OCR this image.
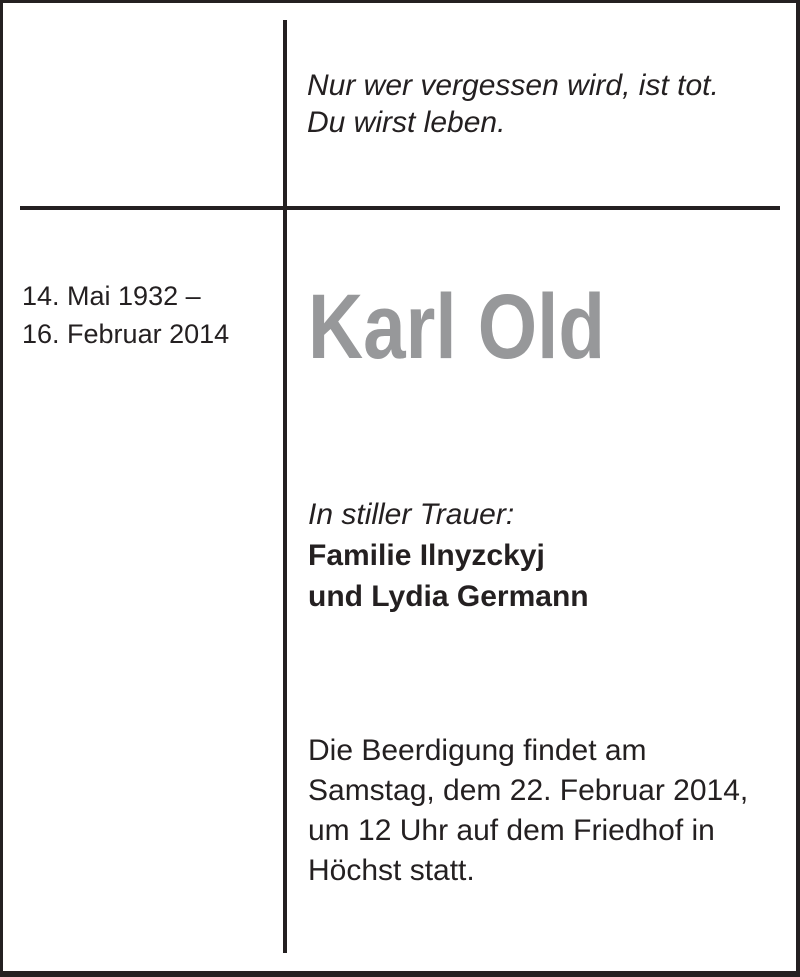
Nur wer vergessen wird, ist tot.
Du wirst leben.
14. Mai 1932 –
16. Februar 2014 Karl Old
In stiller Trauer:
Familie Ilnyzckyj
und Lydia Germann
Die Beerdigung findet am
Samstag, dem 22. Februar 2014,
um 12 Uhr auf dem Friedhof in
Höchst statt.
